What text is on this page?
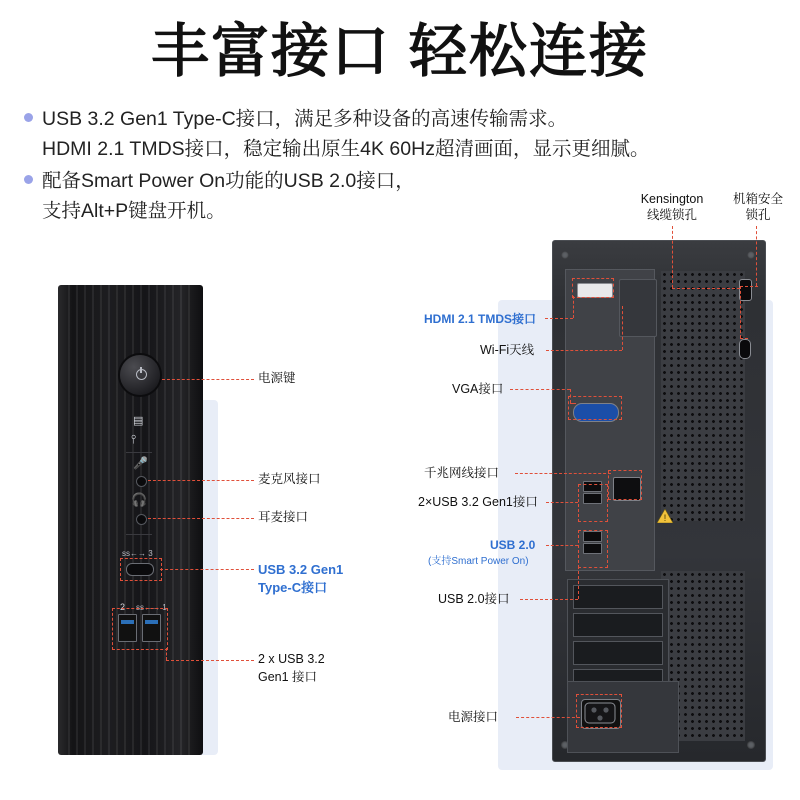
丰富接口 轻松连接
USB 3.2 Gen1 Type-C接口，满足多种设备的高速传输需求。
HDMI 2.1 TMDS接口，稳定输出原生4K 60Hz超清画面，显示更细腻。
配备Smart Power On功能的USB 2.0接口，
支持Alt+P键盘开机。
▤
⫯
🎤
🎧
ss←→ 3
2 ss←→ 1
电源键
麦克风接口
耳麦接口
USB 3.2 Gen1
Type-C接口
2 x USB 3.2
Gen1 接口
!
Kensington
线缆锁孔
机箱安全
锁孔
HDMI 2.1 TMDS接口
Wi-Fi天线
VGA接口
千兆网线接口
2×USB 3.2 Gen1接口
USB 2.0
(支持Smart Power On)
USB 2.0接口
电源接口
